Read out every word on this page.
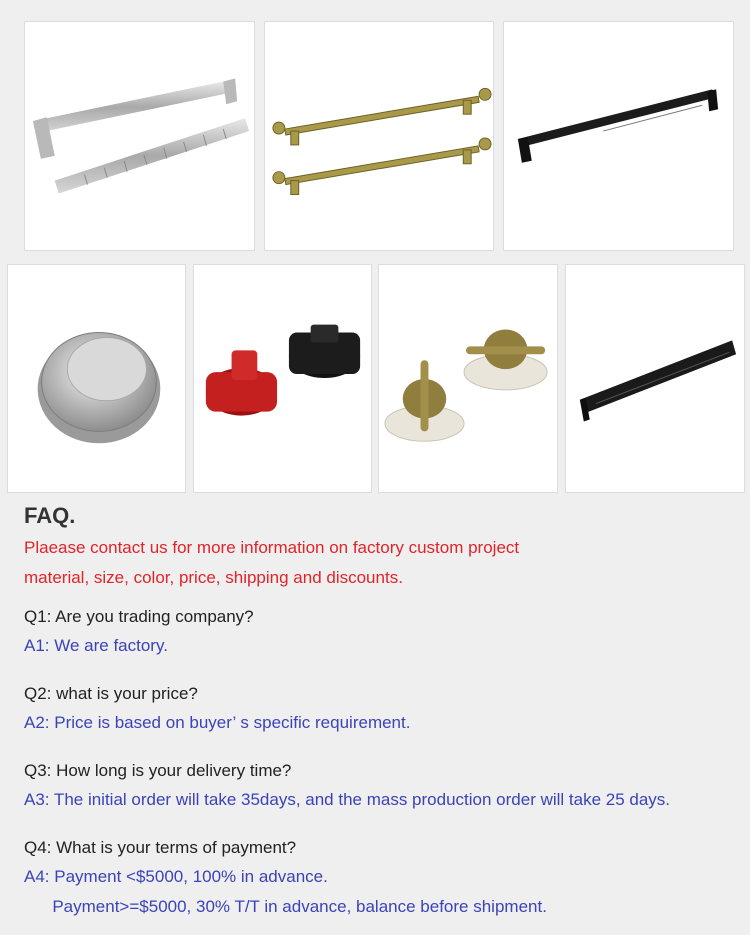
FAQ.
Plaease contact us for more information on factory custom project
material, size, color, price, shipping and discounts.
Q1: Are you trading company?
A1: We are factory.
Q2: what is your price?
A2: Price is based on buyer’ s specific requirement.
Q3: How long is your delivery time?
A3: The initial order will take 35days, and the mass production order will take 25 days.
Q4: What is your terms of payment?
A4: Payment <$5000, 100% in advance.
Payment>=$5000, 30% T/T in advance, balance before shipment.
